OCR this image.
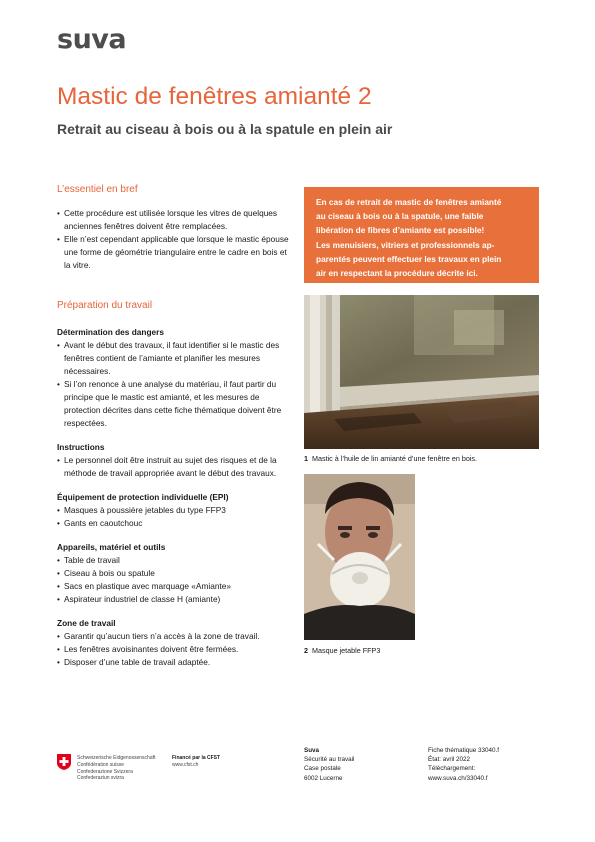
suva
Mastic de fenêtres amianté 2
Retrait au ciseau à bois ou à la spatule en plein air
L’essentiel en bref
• Cette procédure est utilisée lorsque les vitres de quelques anciennes fenêtres doivent être remplacées.
• Elle n’est cependant applicable que lorsque le mastic épouse une forme de géométrie triangulaire entre le cadre en bois et la vitre.
Préparation du travail
Détermination des dangers
• Avant le début des travaux, il faut identifier si le mastic des fenêtres contient de l’amiante et planifier les mesures nécessaires.
• Si l’on renonce à une analyse du matériau, il faut partir du principe que le mastic est amianté, et les mesures de protection décrites dans cette fiche thématique doivent être respectées.
Instructions
• Le personnel doit être instruit au sujet des risques et de la méthode de travail appropriée avant le début des travaux.
Équipement de protection individuelle (EPI)
• Masques à poussière jetables du type FFP3
• Gants en caoutchouc
Appareils, matériel et outils
• Table de travail
• Ciseau à bois ou spatule
• Sacs en plastique avec marquage «Amiante»
• Aspirateur industriel de classe H (amiante)
Zone de travail
• Garantir qu’aucun tiers n’a accès à la zone de travail.
• Les fenêtres avoisinantes doivent être fermées.
• Disposer d’une table de travail adaptée.

En cas de retrait de mastic de fenêtres amianté

au ciseau à bois ou à la spatule, une faible

libération de fibres d’amiante est possible!

Les menuisiers, vitriers et professionnels ap-

parentés peuvent effectuer les travaux en plein

air en respectant la procédure décrite ici.

1 Mastic à l’huile de lin amianté d’une fenêtre en bois.
2 Masque jetable FFP3
Schweizerische Eidgenossenschaft
Confédération suisse
Confederazione Svizzera
Confederaziun svizra
Financé par la CFST
www.cfst.ch
Suva
Sécurité au travail
Case postale
6002 Lucerne
Fiche thématique 33040.f
État: avril 2022
Téléchargement:
www.suva.ch/33040.f
